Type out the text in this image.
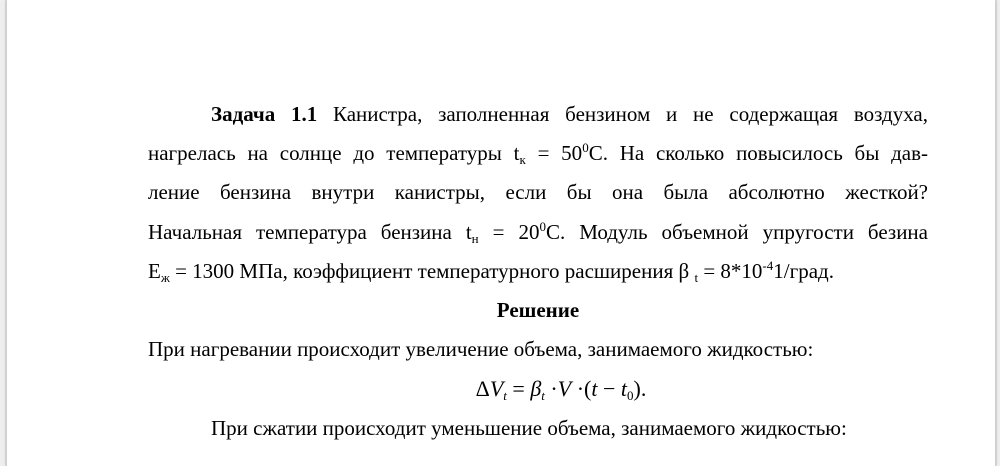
Задача 1.1 Канистра, заполненная бензином и не содержащая воздуха,

нагрелась на солнце до температуры $t_к = 50^0С$. На сколько повысилось бы дав-

ление бензина внутри канистры, если бы она была абсолютно жесткой?

Начальная температура бензина $t_н = 20^0С$. Модуль объемной упругости безина

$Е_ж = 1300$ МПа, коэффициент температурного расширения β $_t = 8*10^{-4}1$/град.

Решение

При нагревании происходит увеличение объема, занимаемого жидкостью:

$\Delta V_t = \beta_t \cdot V \cdot(t - t_0)$.

При сжатии происходит уменьшение объема, занимаемого жидкостью:
